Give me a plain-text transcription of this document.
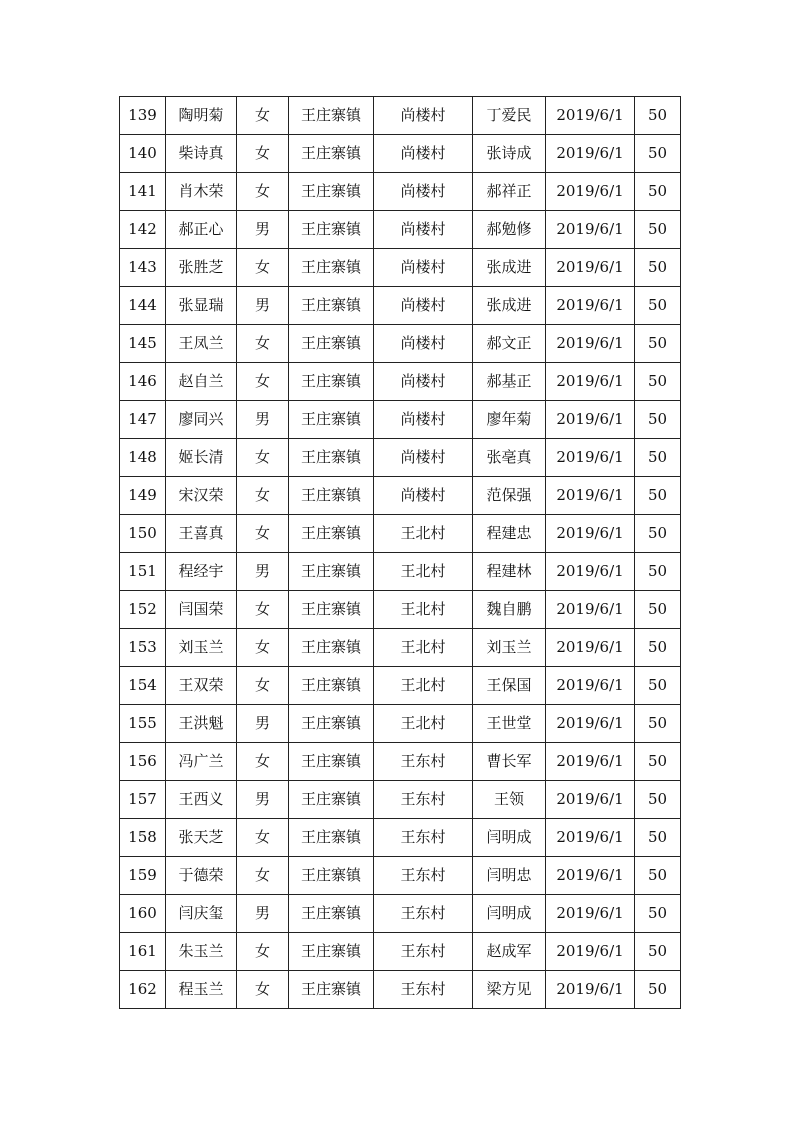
139	陶明菊	女	王庄寨镇	尚楼村	丁爱民	2019/6/1	50
140	柴诗真	女	王庄寨镇	尚楼村	张诗成	2019/6/1	50
141	肖木荣	女	王庄寨镇	尚楼村	郝祥正	2019/6/1	50
142	郝正心	男	王庄寨镇	尚楼村	郝勉修	2019/6/1	50
143	张胜芝	女	王庄寨镇	尚楼村	张成进	2019/6/1	50
144	张显瑞	男	王庄寨镇	尚楼村	张成进	2019/6/1	50
145	王凤兰	女	王庄寨镇	尚楼村	郝文正	2019/6/1	50
146	赵自兰	女	王庄寨镇	尚楼村	郝基正	2019/6/1	50
147	廖同兴	男	王庄寨镇	尚楼村	廖年菊	2019/6/1	50
148	姬长清	女	王庄寨镇	尚楼村	张亳真	2019/6/1	50
149	宋汉荣	女	王庄寨镇	尚楼村	范保强	2019/6/1	50
150	王喜真	女	王庄寨镇	王北村	程建忠	2019/6/1	50
151	程经宇	男	王庄寨镇	王北村	程建林	2019/6/1	50
152	闫国荣	女	王庄寨镇	王北村	魏自鹏	2019/6/1	50
153	刘玉兰	女	王庄寨镇	王北村	刘玉兰	2019/6/1	50
154	王双荣	女	王庄寨镇	王北村	王保国	2019/6/1	50
155	王洪魁	男	王庄寨镇	王北村	王世堂	2019/6/1	50
156	冯广兰	女	王庄寨镇	王东村	曹长军	2019/6/1	50
157	王西义	男	王庄寨镇	王东村	王领	2019/6/1	50
158	张天芝	女	王庄寨镇	王东村	闫明成	2019/6/1	50
159	于德荣	女	王庄寨镇	王东村	闫明忠	2019/6/1	50
160	闫庆玺	男	王庄寨镇	王东村	闫明成	2019/6/1	50
161	朱玉兰	女	王庄寨镇	王东村	赵成军	2019/6/1	50
162	程玉兰	女	王庄寨镇	王东村	梁方见	2019/6/1	50
